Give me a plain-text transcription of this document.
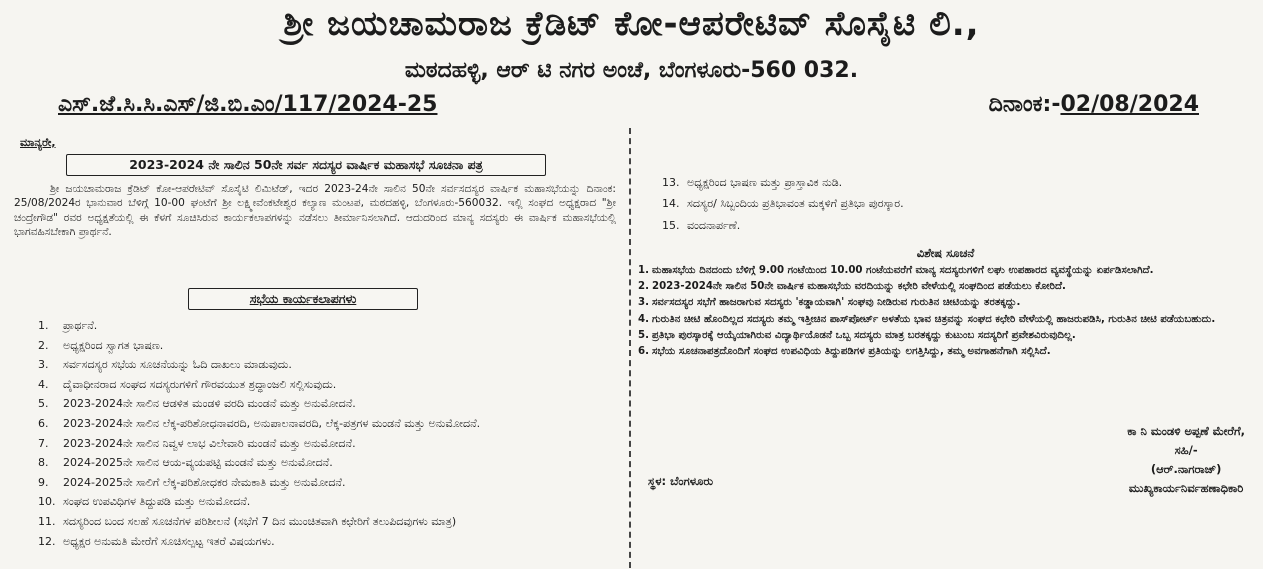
ಶ್ರೀ ಜಯಚಾಮರಾಜ ಕ್ರೆಡಿಟ್ ಕೋ-ಆಪರೇಟಿವ್ ಸೊಸೈಟಿ ಲಿ.,
ಮಠದಹಳ್ಳಿ, ಆರ್ ಟಿ ನಗರ ಅಂಚೆ, ಬೆಂಗಳೂರು-560 032.
ಎಸ್.ಜೆ.ಸಿ.ಸಿ.ಎಸ್/ಜಿ.ಬಿ.ಎಂ/117/2024-25	ದಿನಾಂಕ:-02/08/2024
ಮಾನ್ಯರೇ,
2023-2024 ನೇ ಸಾಲಿನ 50ನೇ ಸರ್ವ ಸದಸ್ಯರ ವಾರ್ಷಿಕ ಮಹಾಸಭೆ ಸೂಚನಾ ಪತ್ರ
ಶ್ರೀ ಜಯಚಾಮರಾಜ ಕ್ರೆಡಿಟ್ ಕೋ-ಆಪರೇಟಿವ್ ಸೊಸೈಟಿ ಲಿಮಿಟೆಡ್, ಇದರ 2023-24ನೇ ಸಾಲಿನ 50ನೇ ಸರ್ವಸದಸ್ಯರ ವಾರ್ಷಿಕ ಮಹಾಸಭೆಯನ್ನು ದಿನಾಂಕ: 25/08/2024ರ ಭಾನುವಾರ ಬೆಳಿಗ್ಗೆ 10-00 ಘಂಟೆಗೆ ಶ್ರೀ ಲಕ್ಷ್ಮೀವೆಂಕಟೇಶ್ವರ ಕಲ್ಯಾಣ ಮಂಟಪ, ಮಠದಹಳ್ಳಿ, ಬೆಂಗಳೂರು-560032. ಇಲ್ಲಿ ಸಂಘದ ಅಧ್ಯಕ್ಷರಾದ "ಶ್ರೀ ಚಂದ್ರೇಗೌಡ" ರವರ ಅಧ್ಯಕ್ಷತೆಯಲ್ಲಿ ಈ ಕೆಳಗೆ ಸೂಚಿಸಿರುವ ಕಾರ್ಯಕಲಾಪಗಳನ್ನು ನಡೆಸಲು ತೀರ್ಮಾನಿಸಲಾಗಿದೆ. ಆದುದರಿಂದ ಮಾನ್ಯ ಸದಸ್ಯರು ಈ ವಾರ್ಷಿಕ ಮಹಾಸಭೆಯಲ್ಲಿ ಭಾಗವಹಿಸಬೇಕಾಗಿ ಪ್ರಾರ್ಥನೆ.
ಸಭೆಯ ಕಾರ್ಯಕಲಾಪಗಳು
1. ಪ್ರಾರ್ಥನೆ.
2. ಅಧ್ಯಕ್ಷರಿಂದ ಸ್ವಾಗತ ಭಾಷಣ.
3. ಸರ್ವಸದಸ್ಯರ ಸಭೆಯ ಸೂಚನೆಯನ್ನು ಓದಿ ದಾಖಲು ಮಾಡುವುದು.
4. ದೈವಾಧೀನರಾದ ಸಂಘದ ಸದಸ್ಯರುಗಳಿಗೆ ಗೌರವಯುತ ಶ್ರದ್ಧಾಂಜಲಿ ಸಲ್ಲಿಸುವುದು.
5. 2023-2024ನೇ ಸಾಲಿನ ಆಡಳಿತ ಮಂಡಳಿ ವರದಿ ಮಂಡನೆ ಮತ್ತು ಅನುಮೋದನೆ.
6. 2023-2024ನೇ ಸಾಲಿನ ಲೆಕ್ಕ-ಪರಿಶೋಧನಾವರದಿ, ಅನುಪಾಲನಾವರದಿ, ಲೆಕ್ಕ-ಪತ್ರಗಳ ಮಂಡನೆ ಮತ್ತು ಅನುಮೋದನೆ.
7. 2023-2024ನೇ ಸಾಲಿನ ನಿವ್ವಳ ಲಾಭ ವಿಲೇವಾರಿ ಮಂಡನೆ ಮತ್ತು ಅನುಮೋದನೆ.
8. 2024-2025ನೇ ಸಾಲಿನ ಆಯ-ವ್ಯಯಪಟ್ಟಿ ಮಂಡನೆ ಮತ್ತು ಅನುಮೋದನೆ.
9. 2024-2025ನೇ ಸಾಲಿಗೆ ಲೆಕ್ಕ-ಪರಿಶೋಧಕರ ನೇಮಕಾತಿ ಮತ್ತು ಅನುಮೋದನೆ.
10. ಸಂಘದ ಉಪವಿಧಿಗಳ ತಿದ್ದುಪಡಿ ಮತ್ತು ಅನುಮೋದನೆ.
11. ಸದಸ್ಯರಿಂದ ಬಂದ ಸಲಹೆ ಸೂಚನೆಗಳ ಪರಿಶೀಲನೆ (ಸಭೆಗೆ 7 ದಿನ ಮುಂಚಿತವಾಗಿ ಕಛೇರಿಗೆ ತಲುಪಿದವುಗಳು ಮಾತ್ರ)
12. ಅಧ್ಯಕ್ಷರ ಅನುಮತಿ ಮೇರೆಗೆ ಸೂಚಿಸಲ್ಪಟ್ಟ ಇತರೆ ವಿಷಯಗಳು.
13. ಅಧ್ಯಕ್ಷರಿಂದ ಭಾಷಣ ಮತ್ತು ಪ್ರಾಸ್ತಾವಿಕ ನುಡಿ.
14. ಸದಸ್ಯರ/ ಸಿಬ್ಬಂದಿಯ ಪ್ರತಿಭಾವಂತ ಮಕ್ಕಳಿಗೆ ಪ್ರತಿಭಾ ಪುರಸ್ಕಾರ.
15. ವಂದನಾರ್ಪಣೆ.
ವಿಶೇಷ ಸೂಚನೆ
1. ಮಹಾಸಭೆಯ ದಿನದಂದು ಬೆಳಿಗ್ಗೆ 9.00 ಗಂಟೆಯಿಂದ 10.00 ಗಂಟೆಯವರೆಗೆ ಮಾನ್ಯ ಸದಸ್ಯರುಗಳಿಗೆ ಲಘು ಉಪಹಾರದ ವ್ಯವಸ್ಥೆಯನ್ನು ಏರ್ಪಡಿಸಲಾಗಿದೆ.
2. 2023-2024ನೇ ಸಾಲಿನ 50ನೇ ವಾರ್ಷಿಕ ಮಹಾಸಭೆಯ ವರದಿಯನ್ನು ಕಛೇರಿ ವೇಳೆಯಲ್ಲಿ ಸಂಘದಿಂದ ಪಡೆಯಲು ಕೋರಿದೆ.
3. ಸರ್ವಸದಸ್ಯರ ಸಭೆಗೆ ಹಾಜರಾಗುವ ಸದಸ್ಯರು 'ಕಡ್ಡಾಯವಾಗಿ' ಸಂಘವು ನೀಡಿರುವ ಗುರುತಿನ ಚೀಟಿಯನ್ನು ತರತಕ್ಕದ್ದು.
4. ಗುರುತಿನ ಚೀಟಿ ಹೊಂದಿಲ್ಲದ ಸದಸ್ಯರು ತಮ್ಮ ಇತ್ತೀಚಿನ ಪಾಸ್‌ಪೋರ್ಟ್ ಅಳತೆಯ ಭಾವ ಚಿತ್ರವನ್ನು ಸಂಘದ ಕಛೇರಿ ವೇಳೆಯಲ್ಲಿ ಹಾಜರುಪಡಿಸಿ, ಗುರುತಿನ ಚೀಟಿ ಪಡೆಯಬಹುದು.
5. ಪ್ರತಿಭಾ ಪುರಸ್ಕಾರಕ್ಕೆ ಆಯ್ಕೆಯಾಗಿರುವ ವಿದ್ಯಾರ್ಥಿಯೊಡನೆ ಒಬ್ಬ ಸದಸ್ಯರು ಮಾತ್ರ ಬರತಕ್ಕದ್ದು ಕುಟುಂಬ ಸದಸ್ಯರಿಗೆ ಪ್ರವೇಶವಿರುವುದಿಲ್ಲ.
6. ಸಭೆಯ ಸೂಚನಾಪತ್ರದೊಂದಿಗೆ ಸಂಘದ ಉಪವಿಧಿಯ ತಿದ್ದುಪಡಿಗಳ ಪ್ರತಿಯನ್ನು ಲಗತ್ತಿಸಿದ್ದು, ತಮ್ಮ ಅವಗಾಹನೆಗಾಗಿ ಸಲ್ಲಿಸಿದೆ.
ಕಾ ನಿ ಮಂಡಳಿ ಅಪ್ಪಣೆ ಮೇರೆಗೆ,
ಸಹಿ/-
(ಆರ್.ನಾಗರಾಜ್)
ಮುಖ್ಯಕಾರ್ಯನಿರ್ವಹಣಾಧಿಕಾರಿ
ಸ್ಥಳ: ಬೆಂಗಳೂರು
